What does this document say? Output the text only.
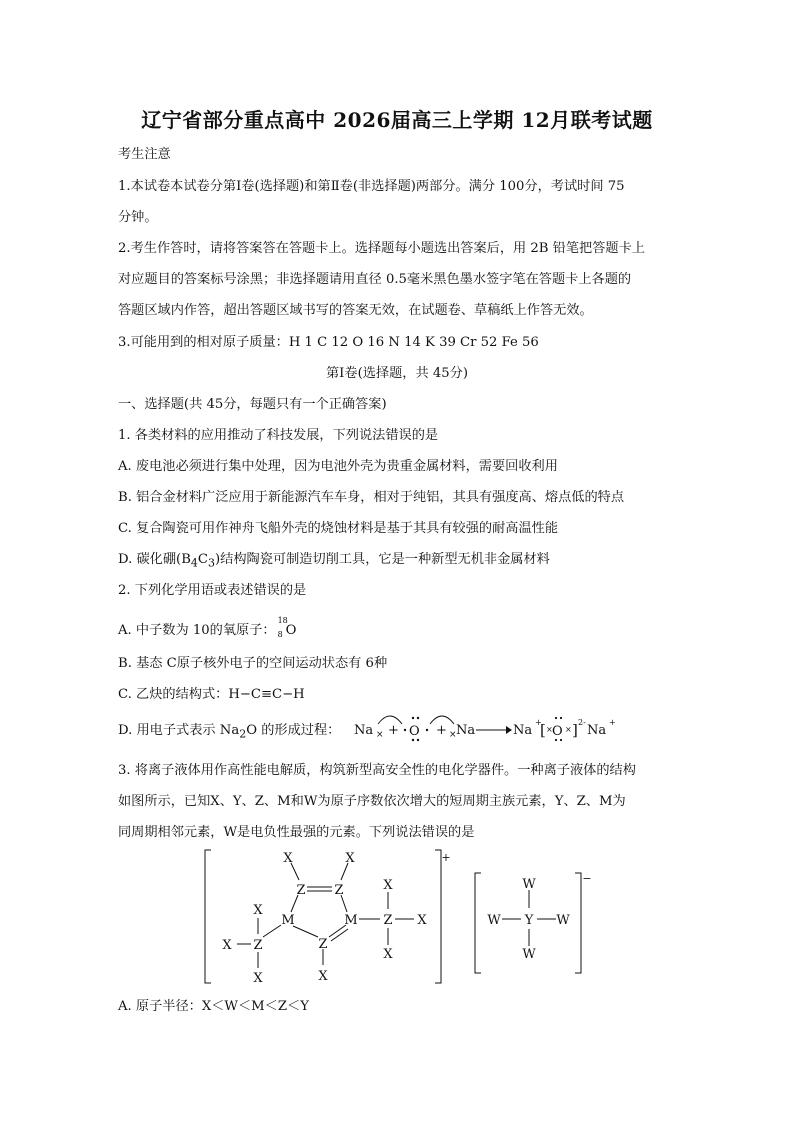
辽宁省部分重点高中 2026届高三上学期 12月联考试题
考生注意
1.本试卷本试卷分第Ⅰ卷(选择题)和第Ⅱ卷(非选择题)两部分。满分 100分，考试时间 75
分钟。
2.考生作答时，请将答案答在答题卡上。选择题每小题选出答案后，用 2B 铅笔把答题卡上
对应题目的答案标号涂黑；非选择题请用直径 0.5毫米黑色墨水签字笔在答题卡上各题的
答题区域内作答，超出答题区域书写的答案无效，在试题卷、草稿纸上作答无效。
3.可能用到的相对原子质量：H 1 C 12 O 16 N 14 K 39 Cr 52 Fe 56
第Ⅰ卷(选择题，共 45分)
一、选择题(共 45分，每题只有一个正确答案)
1. 各类材料的应用推动了科技发展，下列说法错误的是
A. 废电池必须进行集中处理，因为电池外壳为贵重金属材料，需要回收利用
B. 铝合金材料广泛应用于新能源汽车车身，相对于纯铝，其具有强度高、熔点低的特点
C. 复合陶瓷可用作神舟飞船外壳的烧蚀材料是基于其具有较强的耐高温性能
D. 碳化硼$(B_4C_3)$结构陶瓷可制造切削工具，它是一种新型无机非金属材料
2. 下列化学用语或表述错误的是
A. 中子数为 10的氧原子：
18
8 O
B. 基态 C原子核外电子的空间运动状态有 6种
C. 乙炔的结构式：H−C≡C−H
D. 用电子式表示 $Na_2O$ 的形成过程： Na × + O + × Na	Na
+
[ O
× × ] 2-
Na
+
3. 将离子液体用作高性能电解质，构筑新型高安全性的电化学器件。一种离子液体的结构
如图所示，已知X、Y、Z、M和W为原子序数依次增大的短周期主族元素，Y、Z、M为
同周期相邻元素，W是电负性最强的元素。下列说法错误的是
+
−
X	X
Z Z
M	M
Z
X
X
Z
X
X
X
Z X
X
W
W Y W
W
A. 原子半径：X＜W＜M＜Z＜Y
